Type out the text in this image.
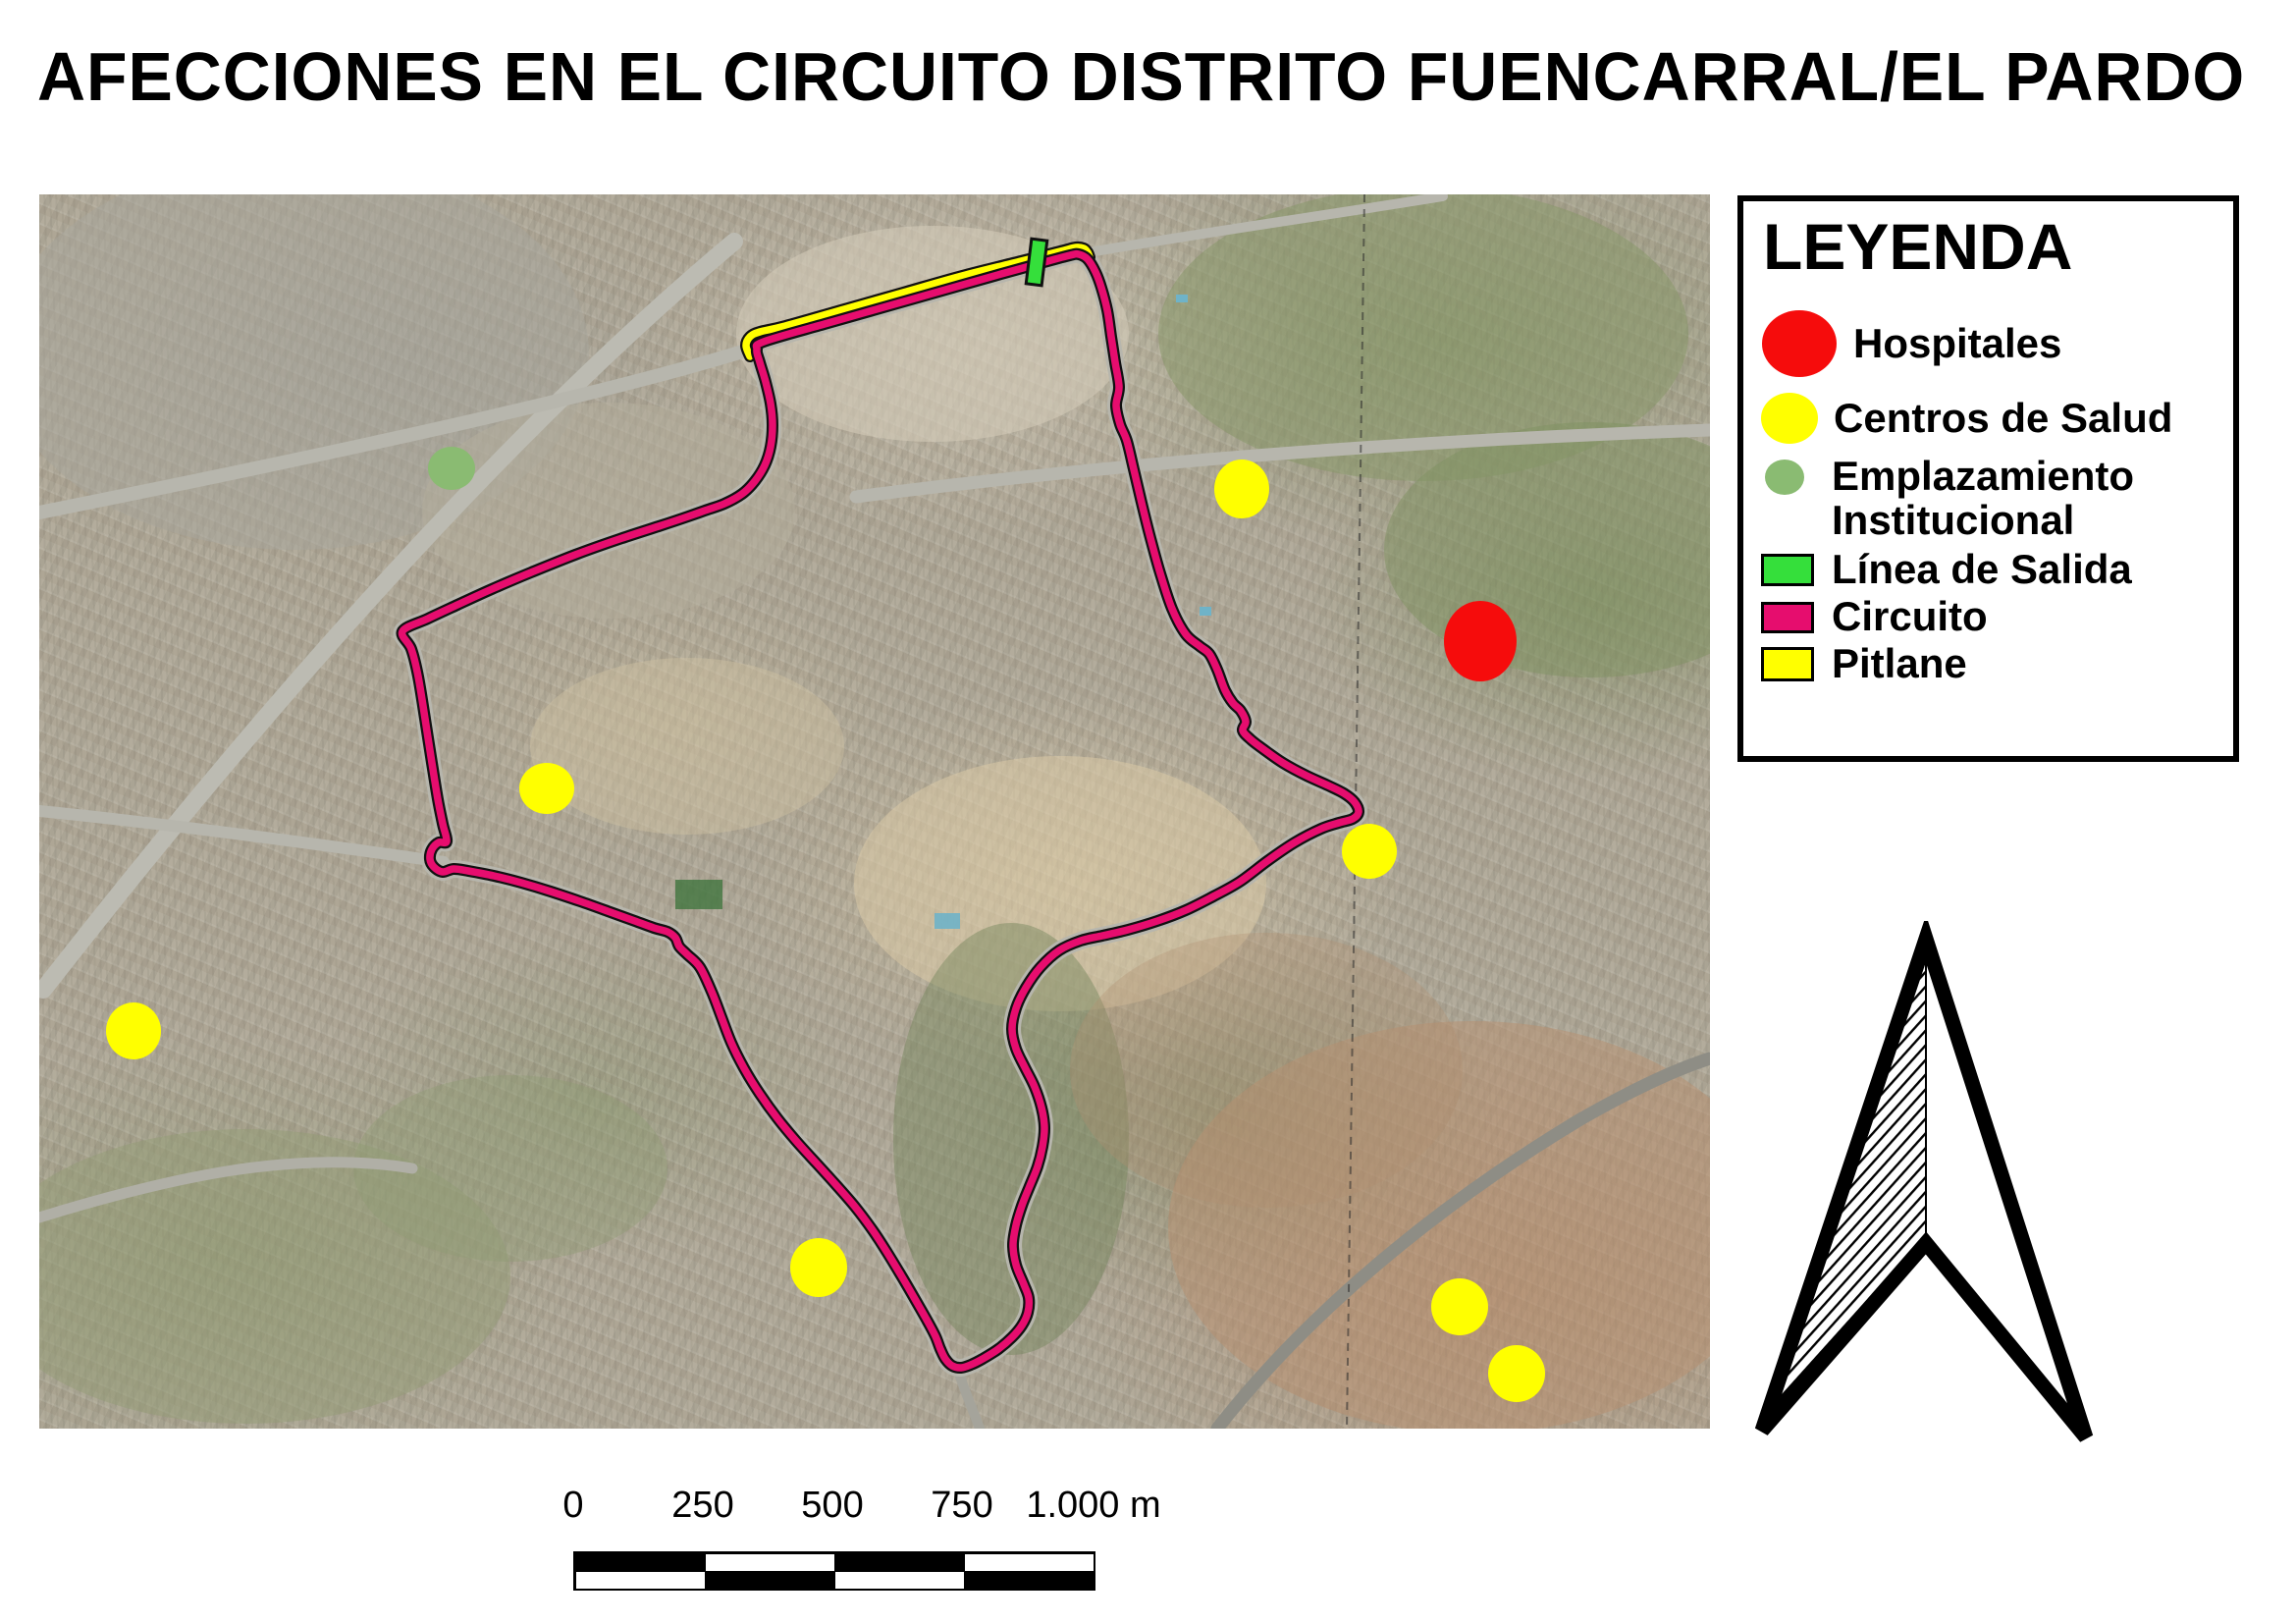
AFECCIONES EN EL CIRCUITO DISTRITO FUENCARRAL/EL PARDO
LEYENDA
Hospitales
Centros de Salud
Emplazamiento
Institucional
Línea de Salida
Circuito
Pitlane
0 250 500 750 1.000 m
